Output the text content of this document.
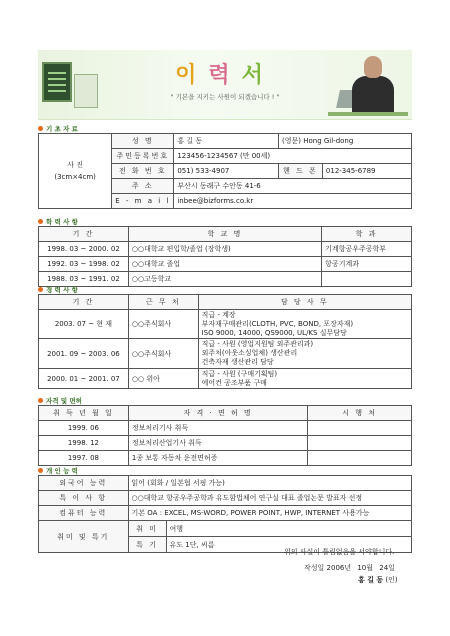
이력서
" 기본을 지키는 사원이 되겠습니다 ! "
기 초 자 료
사 진
(3cm×4cm)	성 명	홍 길 동	(영문) Hong Gil-dong	
	주민등록번호	123456-1234567 (만 00세)		
	전 화 번 호	051) 533-4907	핸 드 폰	012-345-6789
	주 소	부산시 동래구 수안동 41-6		
	E - m a i l	inbee@bizforms.co.kr		
학 력 사 항
기 간	학 교 명	학 과
1998. 03 ~ 2000. 02	○○대학교 편입학/졸업 (장학생)	기계항공우주공학부
1992. 03 ~ 1998. 02	○○대학교 졸업	항공기계과
1988. 03 ~ 1991. 02	○○고등학교	
경 력 사 항
기 간	근 무 처	담 당 사 무
2003. 07 ~ 현 재	○○주식회사	직급 - 계장
부자재구매관리(CLOTH, PVC, BOND, 포장자재)
ISO 9000, 14000, QS9000, UL/KS 실무담당

2001. 09 ~ 2003. 06	○○주식회사	직급 - 사원 (영업지원팀 외주관리과)
외주처(아웃소싱업체) 생산관리
건축자재 생산관리 담당

2000. 01 ~ 2001. 07	○○ 위아	직급 - 사원 (구매기획팀)
에어컨 공조부품 구매
자격 및 면허
취 득 년 월 일	자 격 · 면 허 명	시 행 처
1999. 06	정보처리기사 취득	
1998. 12	정보처리산업기사 취득	
1997. 08	1종 보통 자동차 운전면허증	
개 인 능 력
외국어 능력	읽어 (회화 / 일본협 서핑 가능)	
특 이 사 항	○○대학교 항공우주공학과 유도함법체어 연구실 대표 졸업논문 발표자 선정	
컴퓨터 능력	기본 OA : EXCEL, MS-WORD, POWER POINT, HWP, INTERNET 사용가능	
취미 및 특기	취 미	여행
	특 기	유도 1단, 씨름
위의 사실이 틀림없음을 서약합니다.
작성일 2006년 10월 24일
홍 길 동 (인)
